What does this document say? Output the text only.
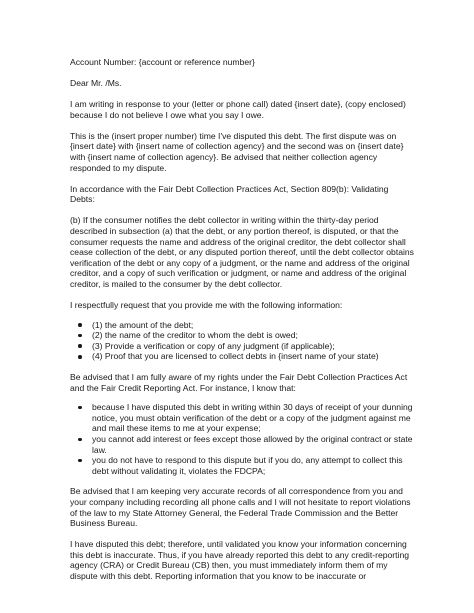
Account Number: {account or reference number}

Dear Mr. /Ms.

I am writing in response to your (letter or phone call) dated {insert date}, (copy enclosed) because I do not believe I owe what you say I owe.

This is the (insert proper number) time I've disputed this debt. The first dispute was on {insert date} with {insert name of collection agency} and the second was on {insert date} with {insert name of collection agency}. Be advised that neither collection agency responded to my dispute.

In accordance with the Fair Debt Collection Practices Act, Section 809(b): Validating Debts:

(b) If the consumer notifies the debt collector in writing within the thirty-day period described in subsection (a) that the debt, or any portion thereof, is disputed, or that the consumer requests the name and address of the original creditor, the debt collector shall cease collection of the debt, or any disputed portion thereof, until the debt collector obtains verification of the debt or any copy of a judgment, or the name and address of the original creditor, and a copy of such verification or judgment, or name and address of the original creditor, is mailed to the consumer by the debt collector.

I respectfully request that you provide me with the following information:

(1) the amount of the debt;
(2) the name of the creditor to whom the debt is owed;
(3) Provide a verification or copy of any judgment (if applicable);
(4) Proof that you are licensed to collect debts in {insert name of your state)

Be advised that I am fully aware of my rights under the Fair Debt Collection Practices Act and the Fair Credit Reporting Act. For instance, I know that:

because I have disputed this debt in writing within 30 days of receipt of your dunning notice, you must obtain verification of the debt or a copy of the judgment against me and mail these items to me at your expense;
you cannot add interest or fees except those allowed by the original contract or state law.
you do not have to respond to this dispute but if you do, any attempt to collect this debt without validating it, violates the FDCPA;

Be advised that I am keeping very accurate records of all correspondence from you and your company including recording all phone calls and I will not hesitate to report violations of the law to my State Attorney General, the Federal Trade Commission and the Better Business Bureau.

I have disputed this debt; therefore, until validated you know your information concerning this debt is inaccurate. Thus, if you have already reported this debt to any credit-reporting agency (CRA) or Credit Bureau (CB) then, you must immediately inform them of my dispute with this debt. Reporting information that you know to be inaccurate or
